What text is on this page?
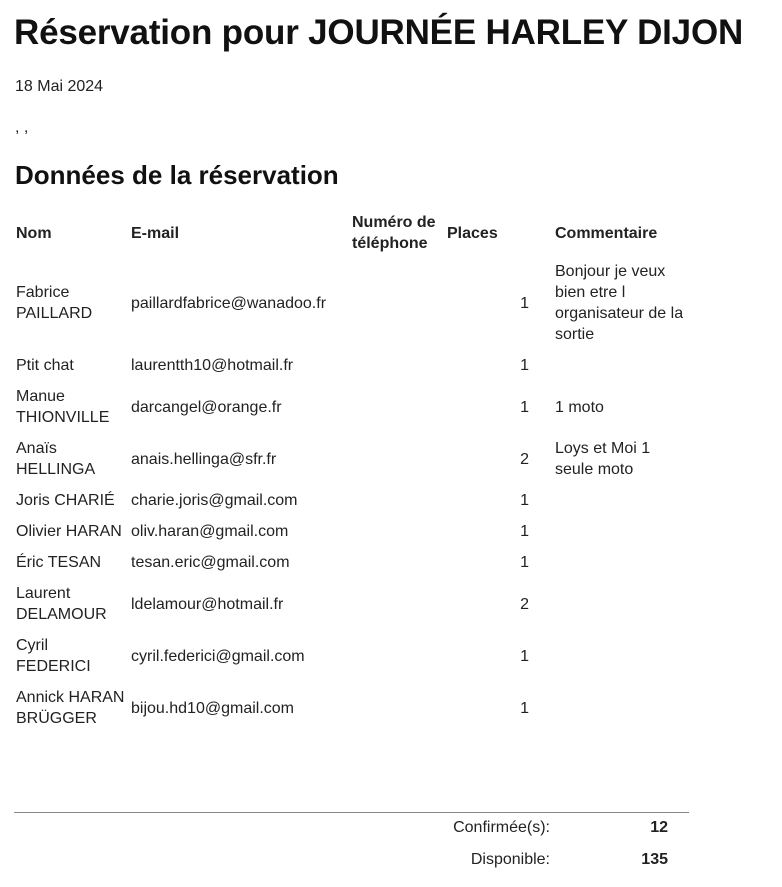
Réservation pour JOURNÉE HARLEY DIJON
18 Mai 2024
, ,
Données de la réservation
Nom	E-mail	Numéro de téléphone	Places	Commentaire
Fabrice PAILLARD	paillardfabrice@wanadoo.fr		1	Bonjour je veux bien etre l organisateur de la sortie
Ptit chat	laurentth10@hotmail.fr		1	
Manue THIONVILLE	darcangel@orange.fr		1	1 moto
Anaïs HELLINGA	anais.hellinga@sfr.fr		2	Loys et Moi 1 seule moto
Joris CHARIÉ	charie.joris@gmail.com		1	
Olivier HARAN	oliv.haran@gmail.com		1	
Éric TESAN	tesan.eric@gmail.com		1	
Laurent DELAMOUR	ldelamour@hotmail.fr		2	
Cyril FEDERICI	cyril.federici@gmail.com		1	
Annick HARAN BRÜGGER	bijou.hd10@gmail.com		1	
Confirmée(s):	12
Disponible:	135
